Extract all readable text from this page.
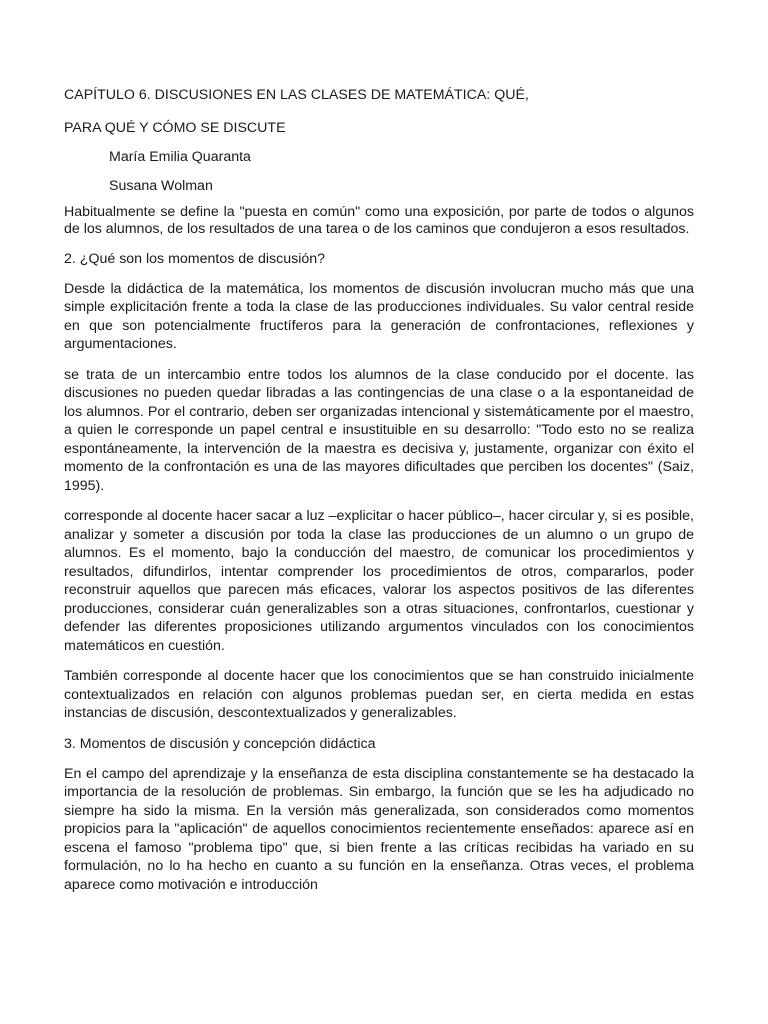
CAPÍTULO 6. DISCUSIONES EN LAS CLASES DE MATEMÁTICA: QUÉ,

PARA QUÉ Y CÓMO SE DISCUTE

María Emilia Quaranta

Susana Wolman

Habitualmente se define la "puesta en común" como una exposición, por parte de todos o algunos de los alumnos, de los resultados de una tarea o de los caminos que condujeron a esos resultados.

2. ¿Qué son los momentos de discusión?

Desde la didáctica de la matemática, los momentos de discusión involucran mucho más que una simple explicitación frente a toda la clase de las producciones individuales. Su valor central reside en que son potencialmente fructíferos para la generación de confrontaciones, reflexiones y argumentaciones.

se trata de un intercambio entre todos los alumnos de la clase conducido por el docente. las discusiones no pueden quedar libradas a las contingencias de una clase o a la espontaneidad de los alumnos. Por el contrario, deben ser organizadas intencional y sistemáticamente por el maestro, a quien le corresponde un papel central e insustituible en su desarrollo: "Todo esto no se realiza espontáneamente, la intervención de la maestra es decisiva y, justamente, organizar con éxito el momento de la confrontación es una de las mayores dificultades que perciben los docentes" (Saiz, 1995).

corresponde al docente hacer sacar a luz –explicitar o hacer público–, hacer circular y, si es posible, analizar y someter a discusión por toda la clase las producciones de un alumno o un grupo de alumnos. Es el momento, bajo la conducción del maestro, de comunicar los procedimientos y resultados, difundirlos, intentar comprender los procedimientos de otros, compararlos, poder reconstruir aquellos que parecen más eficaces, valorar los aspectos positivos de las diferentes producciones, considerar cuán generalizables son a otras situaciones, confrontarlos, cuestionar y defender las diferentes proposiciones utilizando argumentos vinculados con los conocimientos matemáticos en cuestión.

También corresponde al docente hacer que los conocimientos que se han construido inicialmente contextualizados en relación con algunos problemas puedan ser, en cierta medida en estas instancias de discusión, descontextualizados y generalizables.

3. Momentos de discusión y concepción didáctica

En el campo del aprendizaje y la enseñanza de esta disciplina constantemente se ha destacado la importancia de la resolución de problemas. Sin embargo, la función que se les ha adjudicado no siempre ha sido la misma. En la versión más generalizada, son considerados como momentos propicios para la "aplicación" de aquellos conocimientos recientemente enseñados: aparece así en escena el famoso "problema tipo" que, si bien frente a las críticas recibidas ha variado en su formulación, no lo ha hecho en cuanto a su función en la enseñanza. Otras veces, el problema aparece como motivación e introducción
